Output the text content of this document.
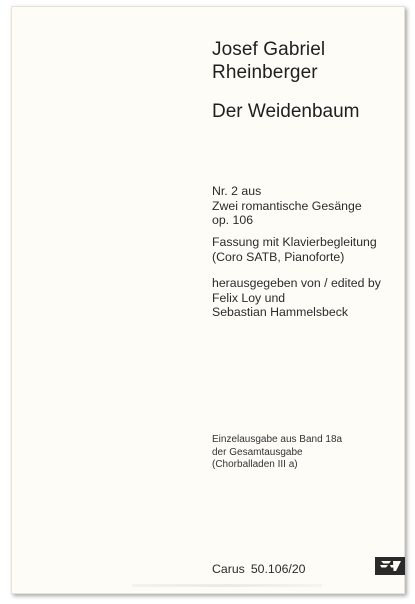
Josef Gabriel
Rheinberger
Der Weidenbaum
Nr. 2 aus
Zwei romantische Gesänge
op. 106
Fassung mit Klavierbegleitung
(Coro SATB, Pianoforte)
herausgegeben von / edited by
Felix Loy und
Sebastian Hammelsbeck
Einzelausgabe aus Band 18a
der Gesamtausgabe
(Chorballaden III a)
Carus 50.106/20
